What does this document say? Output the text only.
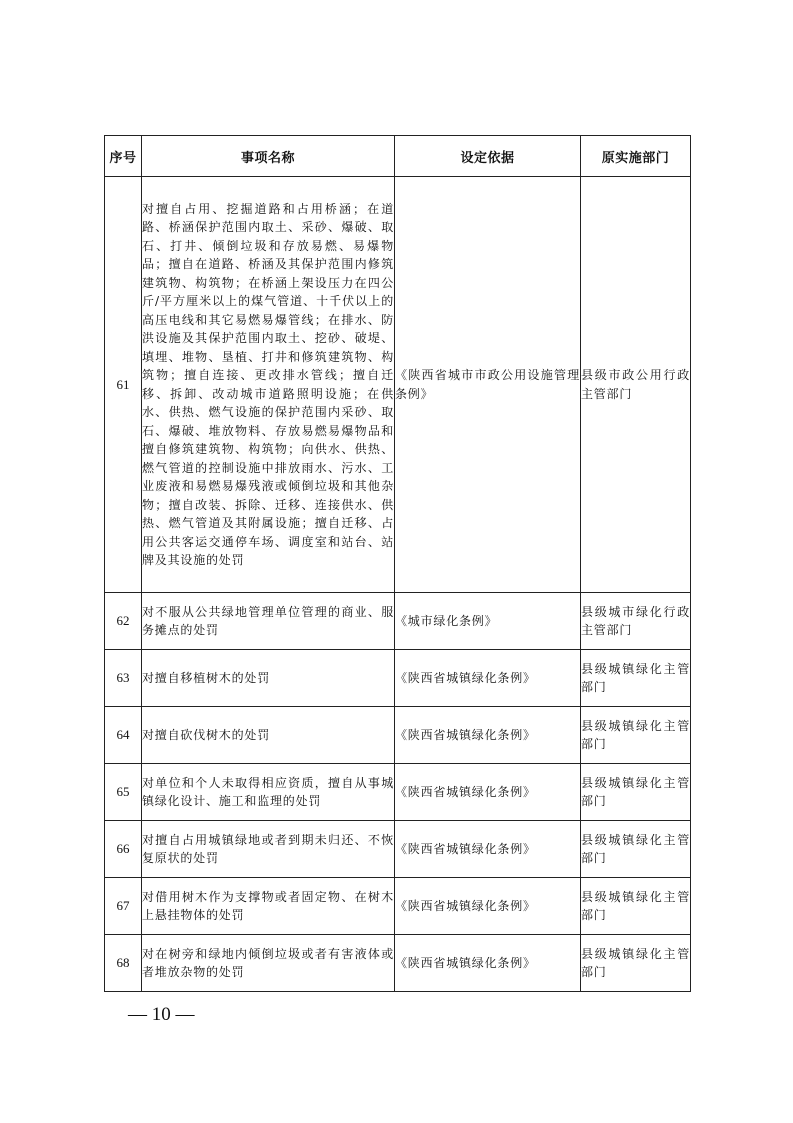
序号	事项名称	设定依据	原实施部门
61	对擅自占用、挖掘道路和占用桥涵；在道路、桥涵保护范围内取土、采砂、爆破、取石、打井、倾倒垃圾和存放易燃、易爆物品；擅自在道路、桥涵及其保护范围内修筑建筑物、构筑物；在桥涵上架设压力在四公斤/平方厘米以上的煤气管道、十千伏以上的高压电线和其它易燃易爆管线；在排水、防洪设施及其保护范围内取土、挖砂、破堤、填埋、堆物、垦植、打井和修筑建筑物、构筑物；擅自连接、更改排水管线；擅自迁移、拆卸、改动城市道路照明设施；在供水、供热、燃气设施的保护范围内采砂、取石、爆破、堆放物料、存放易燃易爆物品和擅自修筑建筑物、构筑物；向供水、供热、燃气管道的控制设施中排放雨水、污水、工业废液和易燃易爆残液或倾倒垃圾和其他杂物；擅自改装、拆除、迁移、连接供水、供热、燃气管道及其附属设施；擅自迁移、占用公共客运交通停车场、调度室和站台、站牌及其设施的处罚	《陕西省城市市政公用设施管理条例》	县级市政公用行政主管部门
62	对不服从公共绿地管理单位管理的商业、服务摊点的处罚	《城市绿化条例》	县级城市绿化行政主管部门
63	对擅自移植树木的处罚	《陕西省城镇绿化条例》	县级城镇绿化主管部门
64	对擅自砍伐树木的处罚	《陕西省城镇绿化条例》	县级城镇绿化主管部门
65	对单位和个人未取得相应资质，擅自从事城镇绿化设计、施工和监理的处罚	《陕西省城镇绿化条例》	县级城镇绿化主管部门
66	对擅自占用城镇绿地或者到期未归还、不恢复原状的处罚	《陕西省城镇绿化条例》	县级城镇绿化主管部门
67	对借用树木作为支撑物或者固定物、在树木上悬挂物体的处罚	《陕西省城镇绿化条例》	县级城镇绿化主管部门
68	对在树旁和绿地内倾倒垃圾或者有害液体或者堆放杂物的处罚	《陕西省城镇绿化条例》	县级城镇绿化主管部门
— 10 —
